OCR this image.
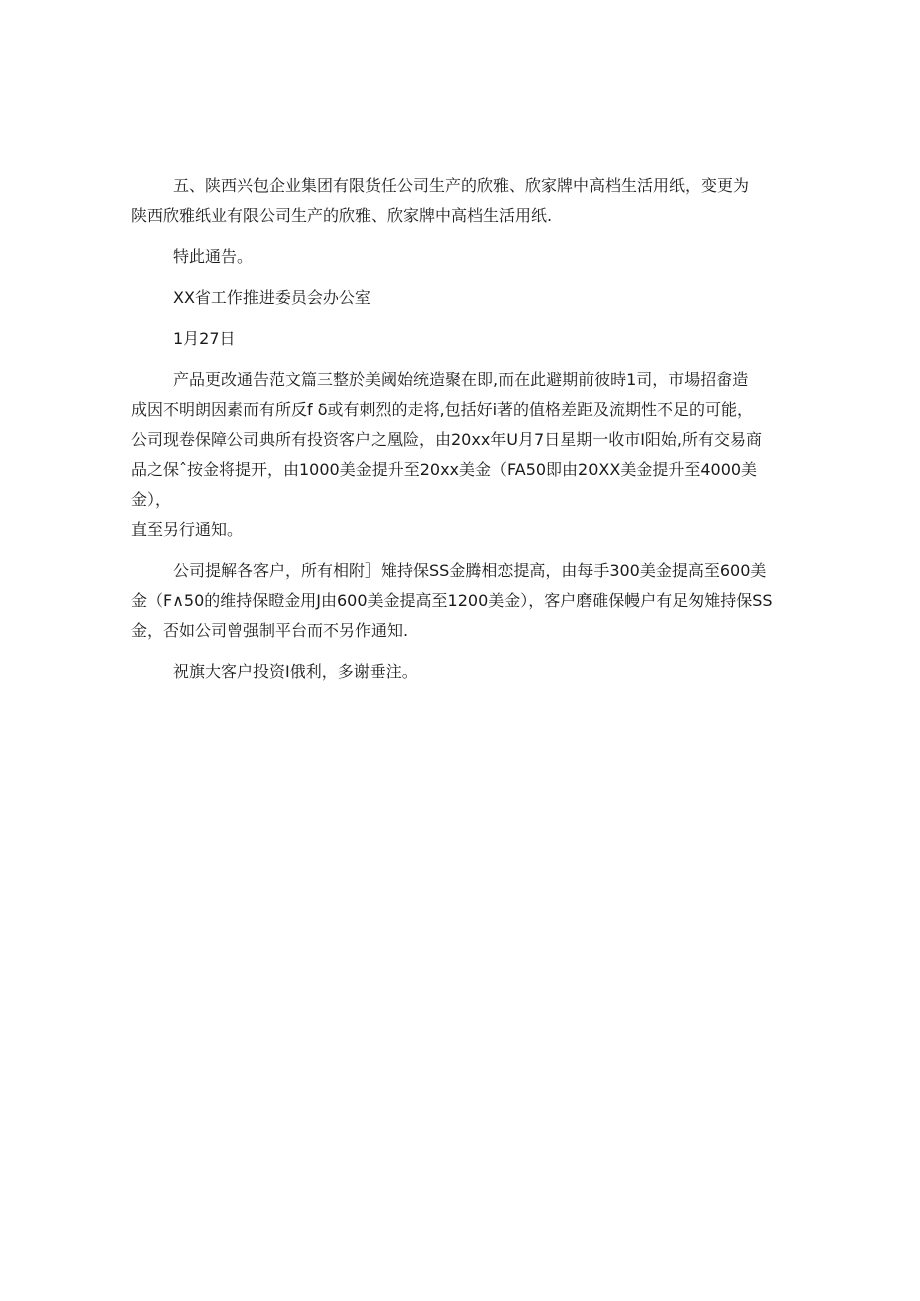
五、陕西兴包企业集团有限货任公司生产的欣雅、欣家牌中高档生活用纸，变更为
陕西欣雅纸业有限公司生产的欣雅、欣家牌中高档生活用纸.
特此通告。
XX省工作推进委员会办公室
1月27日
产品更改通告范文篇三整於美阈始统造聚在即,而在此避期前彼時1司，市場招畲造
成因不明朗因素而有所反f δ或有刺烈的走将,包括好i著的值格差距及流期性不足的可能，
公司现卷保障公司典所有投资客户之凰险，由20xx年U月7日星期一收市I阳始,所有交易商
品之保ˆ按金将提开，由1000美金提升至20xx美金（FA50即由20XX美金提升至4000美金），
直至另行通知。
公司提解各客户，所有相附］雉持保SS金腾相恋提高，由每手300美金提高至600美
金（F∧50的维持保瞪金用J由600美金提高至1200美金），客户磨碓保幔户有足匆雉持保SS
金，否如公司曾强制平台而不另作通知.
祝旗大客户投资I俄利，多谢垂注。
